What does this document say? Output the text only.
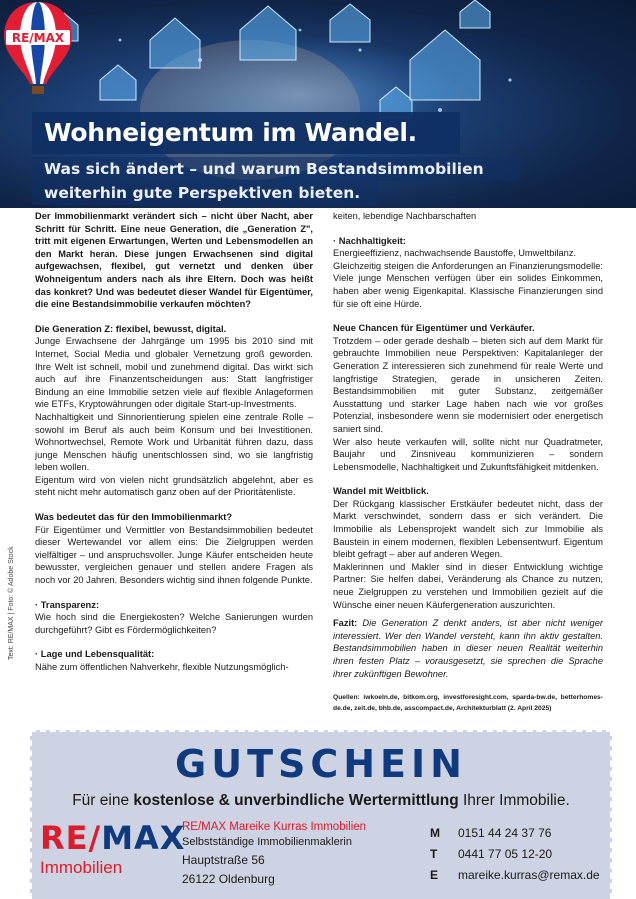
RE/MAX
Wohneigentum im Wandel.
Was sich ändert – und warum Bestandsimmobilien
weiterhin gute Perspektiven bieten.
Text: RE/MAX | Foto: © Adobe Stock

Der Immobilienmarkt verändert sich – nicht über Nacht, aber Schritt für Schritt. Eine neue Generation, die „Generation Z", tritt mit eigenen Erwartungen, Werten und Lebensmodellen an den Markt heran. Diese jungen Erwachsenen sind digital aufgewachsen, flexibel, gut vernetzt und denken über Wohneigentum anders nach als ihre Eltern. Doch was heißt das konkret? Und was bedeutet dieser Wandel für Eigentümer, die eine Bestandsimmobilie verkaufen möchten?

Die Generation Z: flexibel, bewusst, digital.

Junge Erwachsene der Jahrgänge um 1995 bis 2010 sind mit Internet, Social Media und globaler Vernetzung groß geworden. Ihre Welt ist schnell, mobil und zunehmend digital. Das wirkt sich auch auf ihre Finanzentscheidungen aus: Statt langfristiger Bindung an eine Immobilie setzen viele auf flexible Anlageformen wie ETFs, Kryptowährungen oder digitale Start-up-Investments.

Nachhaltigkeit und Sinnorientierung spielen eine zentrale Rolle – sowohl im Beruf als auch beim Konsum und bei Investitionen. Wohnortwechsel, Remote Work und Urbanität führen dazu, dass junge Menschen häufig unentschlossen sind, wo sie langfristig leben wollen.

Eigentum wird von vielen nicht grundsätzlich abgelehnt, aber es steht nicht mehr automatisch ganz oben auf der Prioritätenliste.

Was bedeutet das für den Immobilienmarkt?

Für Eigentümer und Vermittler von Bestandsimmobilien bedeutet dieser Wertewandel vor allem eins: Die Zielgruppen werden vielfältiger – und anspruchsvoller. Junge Käufer entscheiden heute bewusster, vergleichen genauer und stellen andere Fragen als noch vor 20 Jahren. Besonders wichtig sind ihnen folgende Punkte.

· Transparenz:

Wie hoch sind die Energiekosten? Welche Sanierungen wurden durchgeführt? Gibt es Fördermöglichkeiten?

· Lage und Lebensqualität:

Nähe zum öffentlichen Nahverkehr, flexible Nutzungsmöglich-

keiten, lebendige Nachbarschaften

· Nachhaltigkeit:

Energieeffizienz, nachwachsende Baustoffe, Umweltbilanz.

Gleichzeitig steigen die Anforderungen an Finanzierungsmodelle: Viele junge Menschen verfügen über ein solides Einkommen, haben aber wenig Eigenkapital. Klassische Finanzierungen sind für sie oft eine Hürde.

Neue Chancen für Eigentümer und Verkäufer.

Trotzdem – oder gerade deshalb – bieten sich auf dem Markt für gebrauchte Immobilien neue Perspektiven: Kapitalanleger der Generation Z interessieren sich zunehmend für reale Werte und langfristige Strategien, gerade in unsicheren Zeiten. Bestandsimmobilien mit guter Substanz, zeitgemäßer Ausstattung und starker Lage haben nach wie vor großes Potenzial, insbesondere wenn sie modernisiert oder energetisch saniert sind.

Wer also heute verkaufen will, sollte nicht nur Quadratmeter, Baujahr und Zinsniveau kommunizieren – sondern Lebensmodelle, Nachhaltigkeit und Zukunftsfähigkeit mitdenken.

Wandel mit Weitblick.

Der Rückgang klassischer Erstkäufer bedeutet nicht, dass der Markt verschwindet, sondern dass er sich verändert. Die Immobilie als Lebensprojekt wandelt sich zur Immobilie als Baustein in einem modernen, flexiblen Lebensentwurf. Eigentum bleibt gefragt – aber auf anderen Wegen.

Maklerinnen und Makler sind in dieser Entwicklung wichtige Partner: Sie helfen dabei, Veränderung als Chance zu nutzen, neue Zielgruppen zu verstehen und Immobilien gezielt auf die Wünsche einer neuen Käufergeneration auszurichten.

Fazit: Die Generation Z denkt anders, ist aber nicht weniger interessiert. Wer den Wandel versteht, kann ihn aktiv gestalten. Bestandsimmobilien haben in dieser neuen Realität weiterhin ihren festen Platz – vorausgesetzt, sie sprechen die Sprache ihrer zukünftigen Bewohner.

Quellen: iwkoeln.de, bitkom.org, investforesight.com, sparda-bw.de, betterhomes-de.de, zeit.de, bhb.de, asscompact.de, Architekturblatt (2. April 2025)

GUTSCHEIN
Für eine kostenlose & unverbindliche Wertermittlung Ihrer Immobilie.
RE/MAX
Immobilien
RE/MAX Mareike Kurras Immobilien
Selbstständige Immobilienmaklerin
Hauptstraße 56
26122 Oldenburg
M	0151 44 24 37 76
T	0441 77 05 12-20
E	mareike.kurras@remax.de
